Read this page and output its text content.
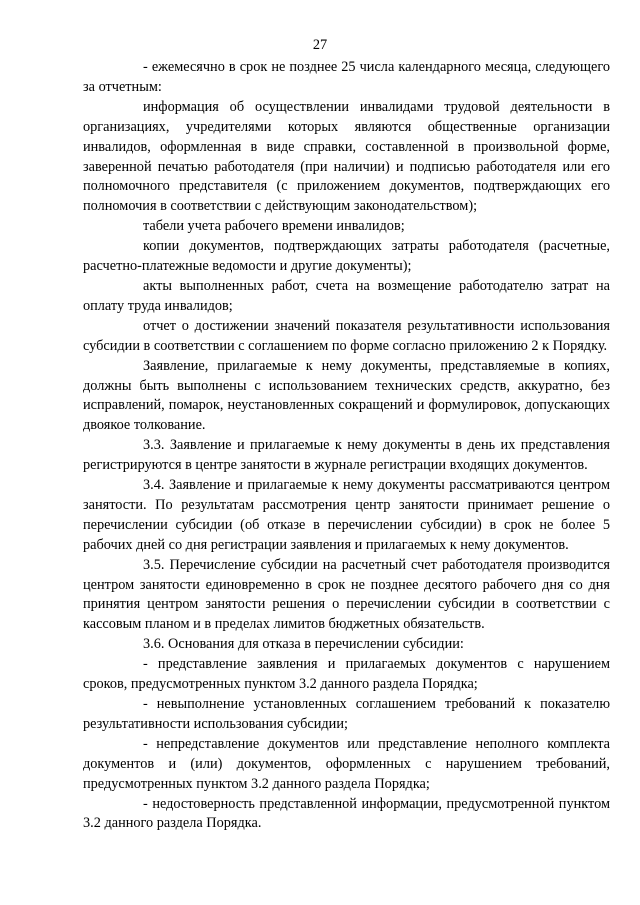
27

- ежемесячно в срок не позднее 25 числа календарного месяца, следующего за отчетным:

информация об осуществлении инвалидами трудовой деятельности в организациях, учредителями которых являются общественные организации инвалидов, оформленная в виде справки, составленной в произвольной форме, заверенной печатью работодателя (при наличии) и подписью работодателя или его полномочного представителя (с приложением документов, подтверждающих его полномочия в соответствии с действующим законодательством);

табели учета рабочего времени инвалидов;

копии документов, подтверждающих затраты работодателя (расчетные, расчетно-платежные ведомости и другие документы);

акты выполненных работ, счета на возмещение работодателю затрат на оплату труда инвалидов;

отчет о достижении значений показателя результативности использования субсидии в соответствии с соглашением по форме согласно приложению 2 к Порядку.

Заявление, прилагаемые к нему документы, представляемые в копиях, должны быть выполнены с использованием технических средств, аккуратно, без исправлений, помарок, неустановленных сокращений и формулировок, допускающих двоякое толкование.

3.3. Заявление и прилагаемые к нему документы в день их представления регистрируются в центре занятости в журнале регистрации входящих документов.

3.4. Заявление и прилагаемые к нему документы рассматриваются центром занятости. По результатам рассмотрения центр занятости принимает решение о перечислении субсидии (об отказе в перечислении субсидии) в срок не более 5 рабочих дней со дня регистрации заявления и прилагаемых к нему документов.

3.5. Перечисление субсидии на расчетный счет работодателя производится центром занятости единовременно в срок не позднее десятого рабочего дня со дня принятия центром занятости решения о перечислении субсидии в соответствии с кассовым планом и в пределах лимитов бюджетных обязательств.

3.6. Основания для отказа в перечислении субсидии:

- представление заявления и прилагаемых документов с нарушением сроков, предусмотренных пунктом 3.2 данного раздела Порядка;

- невыполнение установленных соглашением требований к показателю результативности использования субсидии;

- непредставление документов или представление неполного комплекта документов и (или) документов, оформленных с нарушением требований, предусмотренных пунктом 3.2 данного раздела Порядка;

- недостоверность представленной информации, предусмотренной пунктом 3.2 данного раздела Порядка.
